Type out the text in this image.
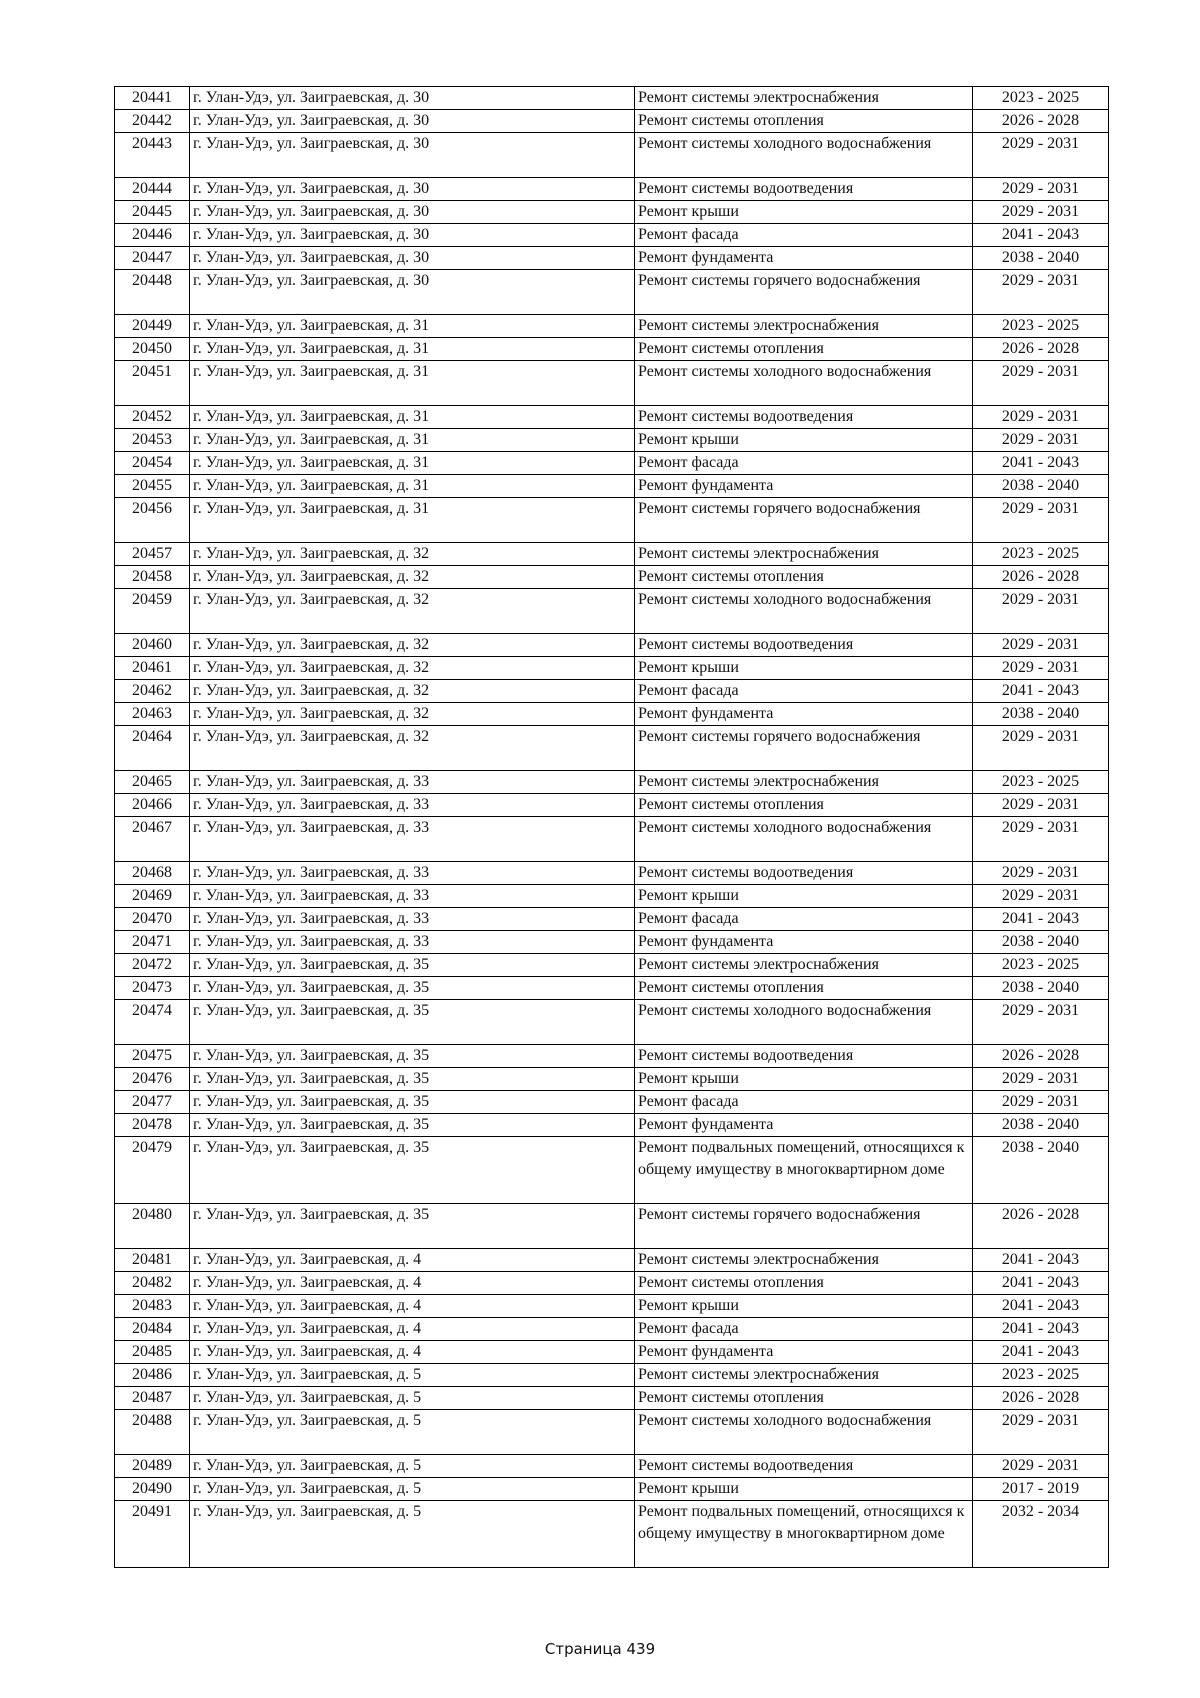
20441	г. Улан-Удэ, ул. Заиграевская, д. 30	Ремонт системы электроснабжения	2023 - 2025
20442	г. Улан-Удэ, ул. Заиграевская, д. 30	Ремонт системы отопления	2026 - 2028
20443	г. Улан-Удэ, ул. Заиграевская, д. 30	Ремонт системы холодного водоснабжения	2029 - 2031
20444	г. Улан-Удэ, ул. Заиграевская, д. 30	Ремонт системы водоотведения	2029 - 2031
20445	г. Улан-Удэ, ул. Заиграевская, д. 30	Ремонт крыши	2029 - 2031
20446	г. Улан-Удэ, ул. Заиграевская, д. 30	Ремонт фасада	2041 - 2043
20447	г. Улан-Удэ, ул. Заиграевская, д. 30	Ремонт фундамента	2038 - 2040
20448	г. Улан-Удэ, ул. Заиграевская, д. 30	Ремонт системы горячего водоснабжения	2029 - 2031
20449	г. Улан-Удэ, ул. Заиграевская, д. 31	Ремонт системы электроснабжения	2023 - 2025
20450	г. Улан-Удэ, ул. Заиграевская, д. 31	Ремонт системы отопления	2026 - 2028
20451	г. Улан-Удэ, ул. Заиграевская, д. 31	Ремонт системы холодного водоснабжения	2029 - 2031
20452	г. Улан-Удэ, ул. Заиграевская, д. 31	Ремонт системы водоотведения	2029 - 2031
20453	г. Улан-Удэ, ул. Заиграевская, д. 31	Ремонт крыши	2029 - 2031
20454	г. Улан-Удэ, ул. Заиграевская, д. 31	Ремонт фасада	2041 - 2043
20455	г. Улан-Удэ, ул. Заиграевская, д. 31	Ремонт фундамента	2038 - 2040
20456	г. Улан-Удэ, ул. Заиграевская, д. 31	Ремонт системы горячего водоснабжения	2029 - 2031
20457	г. Улан-Удэ, ул. Заиграевская, д. 32	Ремонт системы электроснабжения	2023 - 2025
20458	г. Улан-Удэ, ул. Заиграевская, д. 32	Ремонт системы отопления	2026 - 2028
20459	г. Улан-Удэ, ул. Заиграевская, д. 32	Ремонт системы холодного водоснабжения	2029 - 2031
20460	г. Улан-Удэ, ул. Заиграевская, д. 32	Ремонт системы водоотведения	2029 - 2031
20461	г. Улан-Удэ, ул. Заиграевская, д. 32	Ремонт крыши	2029 - 2031
20462	г. Улан-Удэ, ул. Заиграевская, д. 32	Ремонт фасада	2041 - 2043
20463	г. Улан-Удэ, ул. Заиграевская, д. 32	Ремонт фундамента	2038 - 2040
20464	г. Улан-Удэ, ул. Заиграевская, д. 32	Ремонт системы горячего водоснабжения	2029 - 2031
20465	г. Улан-Удэ, ул. Заиграевская, д. 33	Ремонт системы электроснабжения	2023 - 2025
20466	г. Улан-Удэ, ул. Заиграевская, д. 33	Ремонт системы отопления	2029 - 2031
20467	г. Улан-Удэ, ул. Заиграевская, д. 33	Ремонт системы холодного водоснабжения	2029 - 2031
20468	г. Улан-Удэ, ул. Заиграевская, д. 33	Ремонт системы водоотведения	2029 - 2031
20469	г. Улан-Удэ, ул. Заиграевская, д. 33	Ремонт крыши	2029 - 2031
20470	г. Улан-Удэ, ул. Заиграевская, д. 33	Ремонт фасада	2041 - 2043
20471	г. Улан-Удэ, ул. Заиграевская, д. 33	Ремонт фундамента	2038 - 2040
20472	г. Улан-Удэ, ул. Заиграевская, д. 35	Ремонт системы электроснабжения	2023 - 2025
20473	г. Улан-Удэ, ул. Заиграевская, д. 35	Ремонт системы отопления	2038 - 2040
20474	г. Улан-Удэ, ул. Заиграевская, д. 35	Ремонт системы холодного водоснабжения	2029 - 2031
20475	г. Улан-Удэ, ул. Заиграевская, д. 35	Ремонт системы водоотведения	2026 - 2028
20476	г. Улан-Удэ, ул. Заиграевская, д. 35	Ремонт крыши	2029 - 2031
20477	г. Улан-Удэ, ул. Заиграевская, д. 35	Ремонт фасада	2029 - 2031
20478	г. Улан-Удэ, ул. Заиграевская, д. 35	Ремонт фундамента	2038 - 2040
20479	г. Улан-Удэ, ул. Заиграевская, д. 35	Ремонт подвальных помещений, относящихся к общему имуществу в многоквартирном доме	2038 - 2040
20480	г. Улан-Удэ, ул. Заиграевская, д. 35	Ремонт системы горячего водоснабжения	2026 - 2028
20481	г. Улан-Удэ, ул. Заиграевская, д. 4	Ремонт системы электроснабжения	2041 - 2043
20482	г. Улан-Удэ, ул. Заиграевская, д. 4	Ремонт системы отопления	2041 - 2043
20483	г. Улан-Удэ, ул. Заиграевская, д. 4	Ремонт крыши	2041 - 2043
20484	г. Улан-Удэ, ул. Заиграевская, д. 4	Ремонт фасада	2041 - 2043
20485	г. Улан-Удэ, ул. Заиграевская, д. 4	Ремонт фундамента	2041 - 2043
20486	г. Улан-Удэ, ул. Заиграевская, д. 5	Ремонт системы электроснабжения	2023 - 2025
20487	г. Улан-Удэ, ул. Заиграевская, д. 5	Ремонт системы отопления	2026 - 2028
20488	г. Улан-Удэ, ул. Заиграевская, д. 5	Ремонт системы холодного водоснабжения	2029 - 2031
20489	г. Улан-Удэ, ул. Заиграевская, д. 5	Ремонт системы водоотведения	2029 - 2031
20490	г. Улан-Удэ, ул. Заиграевская, д. 5	Ремонт крыши	2017 - 2019
20491	г. Улан-Удэ, ул. Заиграевская, д. 5	Ремонт подвальных помещений, относящихся к общему имуществу в многоквартирном доме	2032 - 2034
Страница 439
